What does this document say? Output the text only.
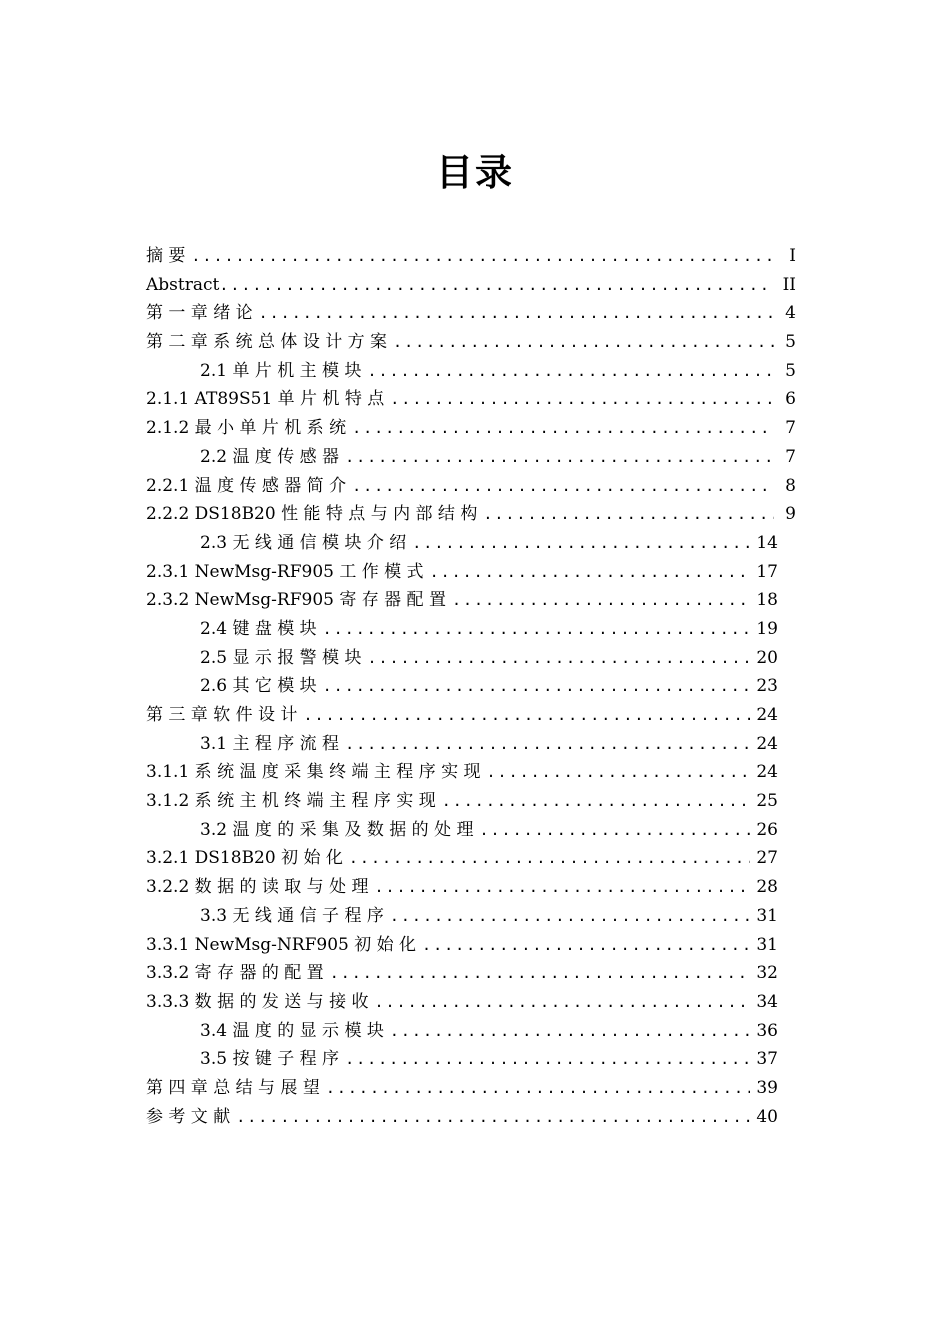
目录
摘 要 .....	I
Abstract .....	II
第 一 章 绪 论 .....	4
第 二 章 系 统 总 体 设 计 方 案 .....	5
2.1 单 片 机 主 模 块 .....	5
2.1.1 AT89S51 单 片 机 特 点 .....	6
2.1.2 最 小 单 片 机 系 统 .....	7
2.2 温 度 传 感 器 .....	7
2.2.1 温 度 传 感 器 简 介 .....	8
2.2.2 DS18B20 性 能 特 点 与 内 部 结 构 .....	9
2.3 无 线 通 信 模 块 介 绍 .....	14
2.3.1 NewMsg-RF905 工 作 模 式 .....	17
2.3.2 NewMsg-RF905 寄 存 器 配 置 .....	18
2.4 键 盘 模 块 .....	19
2.5 显 示 报 警 模 块 .....	20
2.6 其 它 模 块 .....	23
第 三 章 软 件 设 计 .....	24
3.1 主 程 序 流 程 .....	24
3.1.1 系 统 温 度 采 集 终 端 主 程 序 实 现 .....	24
3.1.2 系 统 主 机 终 端 主 程 序 实 现 .....	25
3.2 温 度 的 采 集 及 数 据 的 处 理 .....	26
3.2.1 DS18B20 初 始 化 .....	27
3.2.2 数 据 的 读 取 与 处 理 .....	28
3.3 无 线 通 信 子 程 序 .....	31
3.3.1 NewMsg-NRF905 初 始 化 .....	31
3.3.2 寄 存 器 的 配 置 .....	32
3.3.3 数 据 的 发 送 与 接 收 .....	34
3.4 温 度 的 显 示 模 块 .....	36
3.5 按 键 子 程 序 .....	37
第 四 章 总 结 与 展 望 .....	39
参 考 文 献 .....	40
